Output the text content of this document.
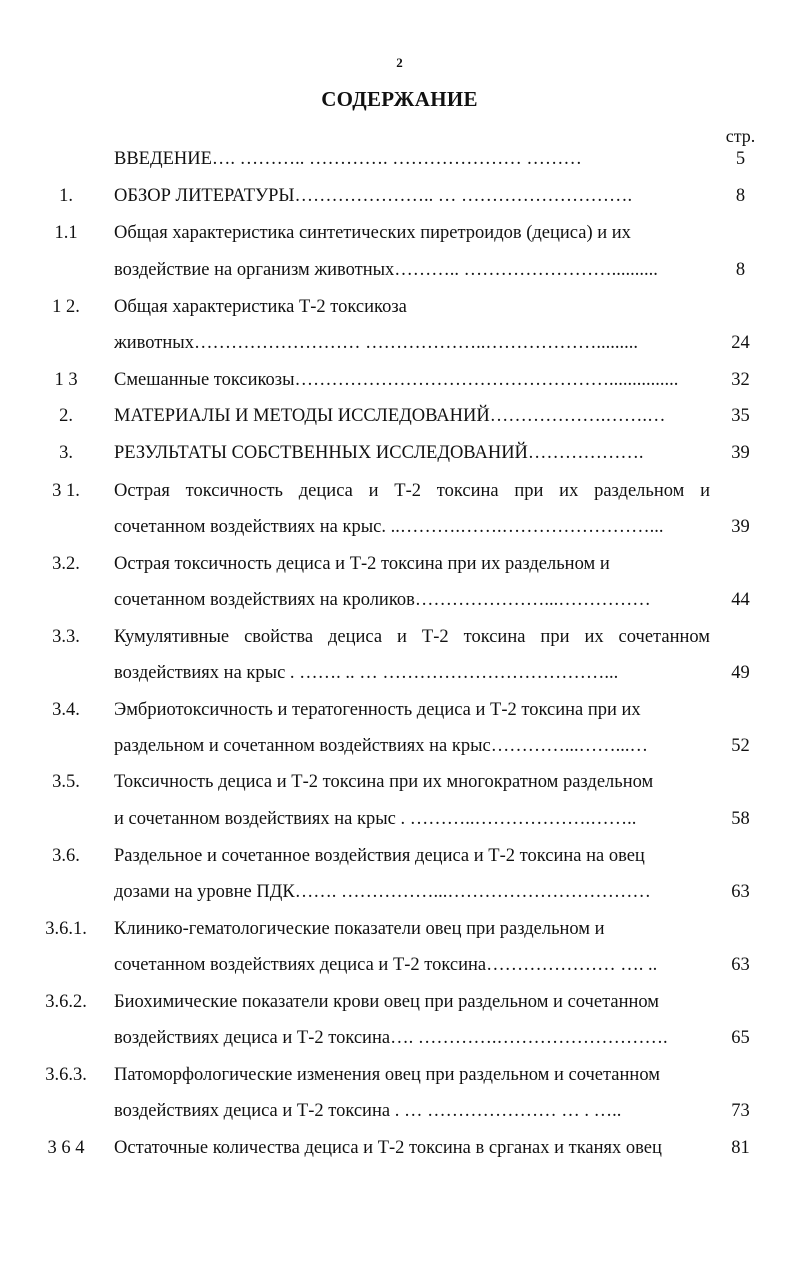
2
СОДЕРЖАНИЕ
стр.
ВВЕДЕНИЕ…. ……….. …………. ………………… ………	5
1.	ОБЗОР ЛИТЕРАТУРЫ………………….. … ……………………….	8
1.1	Общая характеристика синтетических пиретроидов (дециса) и их
воздействие на организм животных……….. ……………………..........	8
1 2.	Общая характеристика Т-2 токсикоза
животных……………………… ………………..……………….........	24
1 3	Смешанные токсикозы……………………………………………...............	32
2.	МАТЕРИАЛЫ И МЕТОДЫ ИССЛЕДОВАНИЙ……………….…….…	35
3.	РЕЗУЛЬТАТЫ СОБСТВЕННЫХ ИССЛЕДОВАНИЙ……………….	39
3 1.	Острая токсичность дециса и Т-2 токсина при их раздельном и
сочетанном воздействиях на крыс. ..……….…….……………………...	39
3.2.	Острая токсичность дециса и Т-2 токсина при их раздельном и
сочетанном воздействиях на кроликов…………………...……………	44
3.3.	Кумулятивные свойства дециса и Т-2 токсина при их сочетанном
воздействиях на крыс . ……. .. … ………………………………...	49
3.4.	Эмбриотоксичность и тератогенность дециса и Т-2 токсина при их
раздельном и сочетанном воздействиях на крыс…………...……...…	52
3.5.	Токсичность дециса и Т-2 токсина при их многократном раздельном
и сочетанном воздействиях на крыс . ………..……………….……..	58
3.6.	Раздельное и сочетанное воздействия дециса и Т-2 токсина на овец
дозами на уровне ПДК……. ……………...……………………………	63
3.6.1.	Клинико-гематологические показатели овец при раздельном и
сочетанном воздействиях дециса и Т-2 токсина………………… …. ..	63
3.6.2.	Биохимические показатели крови овец при раздельном и сочетанном
воздействиях дециса и Т-2 токсина…. ………….……………………….	65
3.6.3.	Патоморфологические изменения овец при раздельном и сочетанном
воздействиях дециса и Т-2 токсина . … ………………… … . …..	73
3 6 4	Остаточные количества дециса и Т-2 токсина в срганах и тканях овец	81
